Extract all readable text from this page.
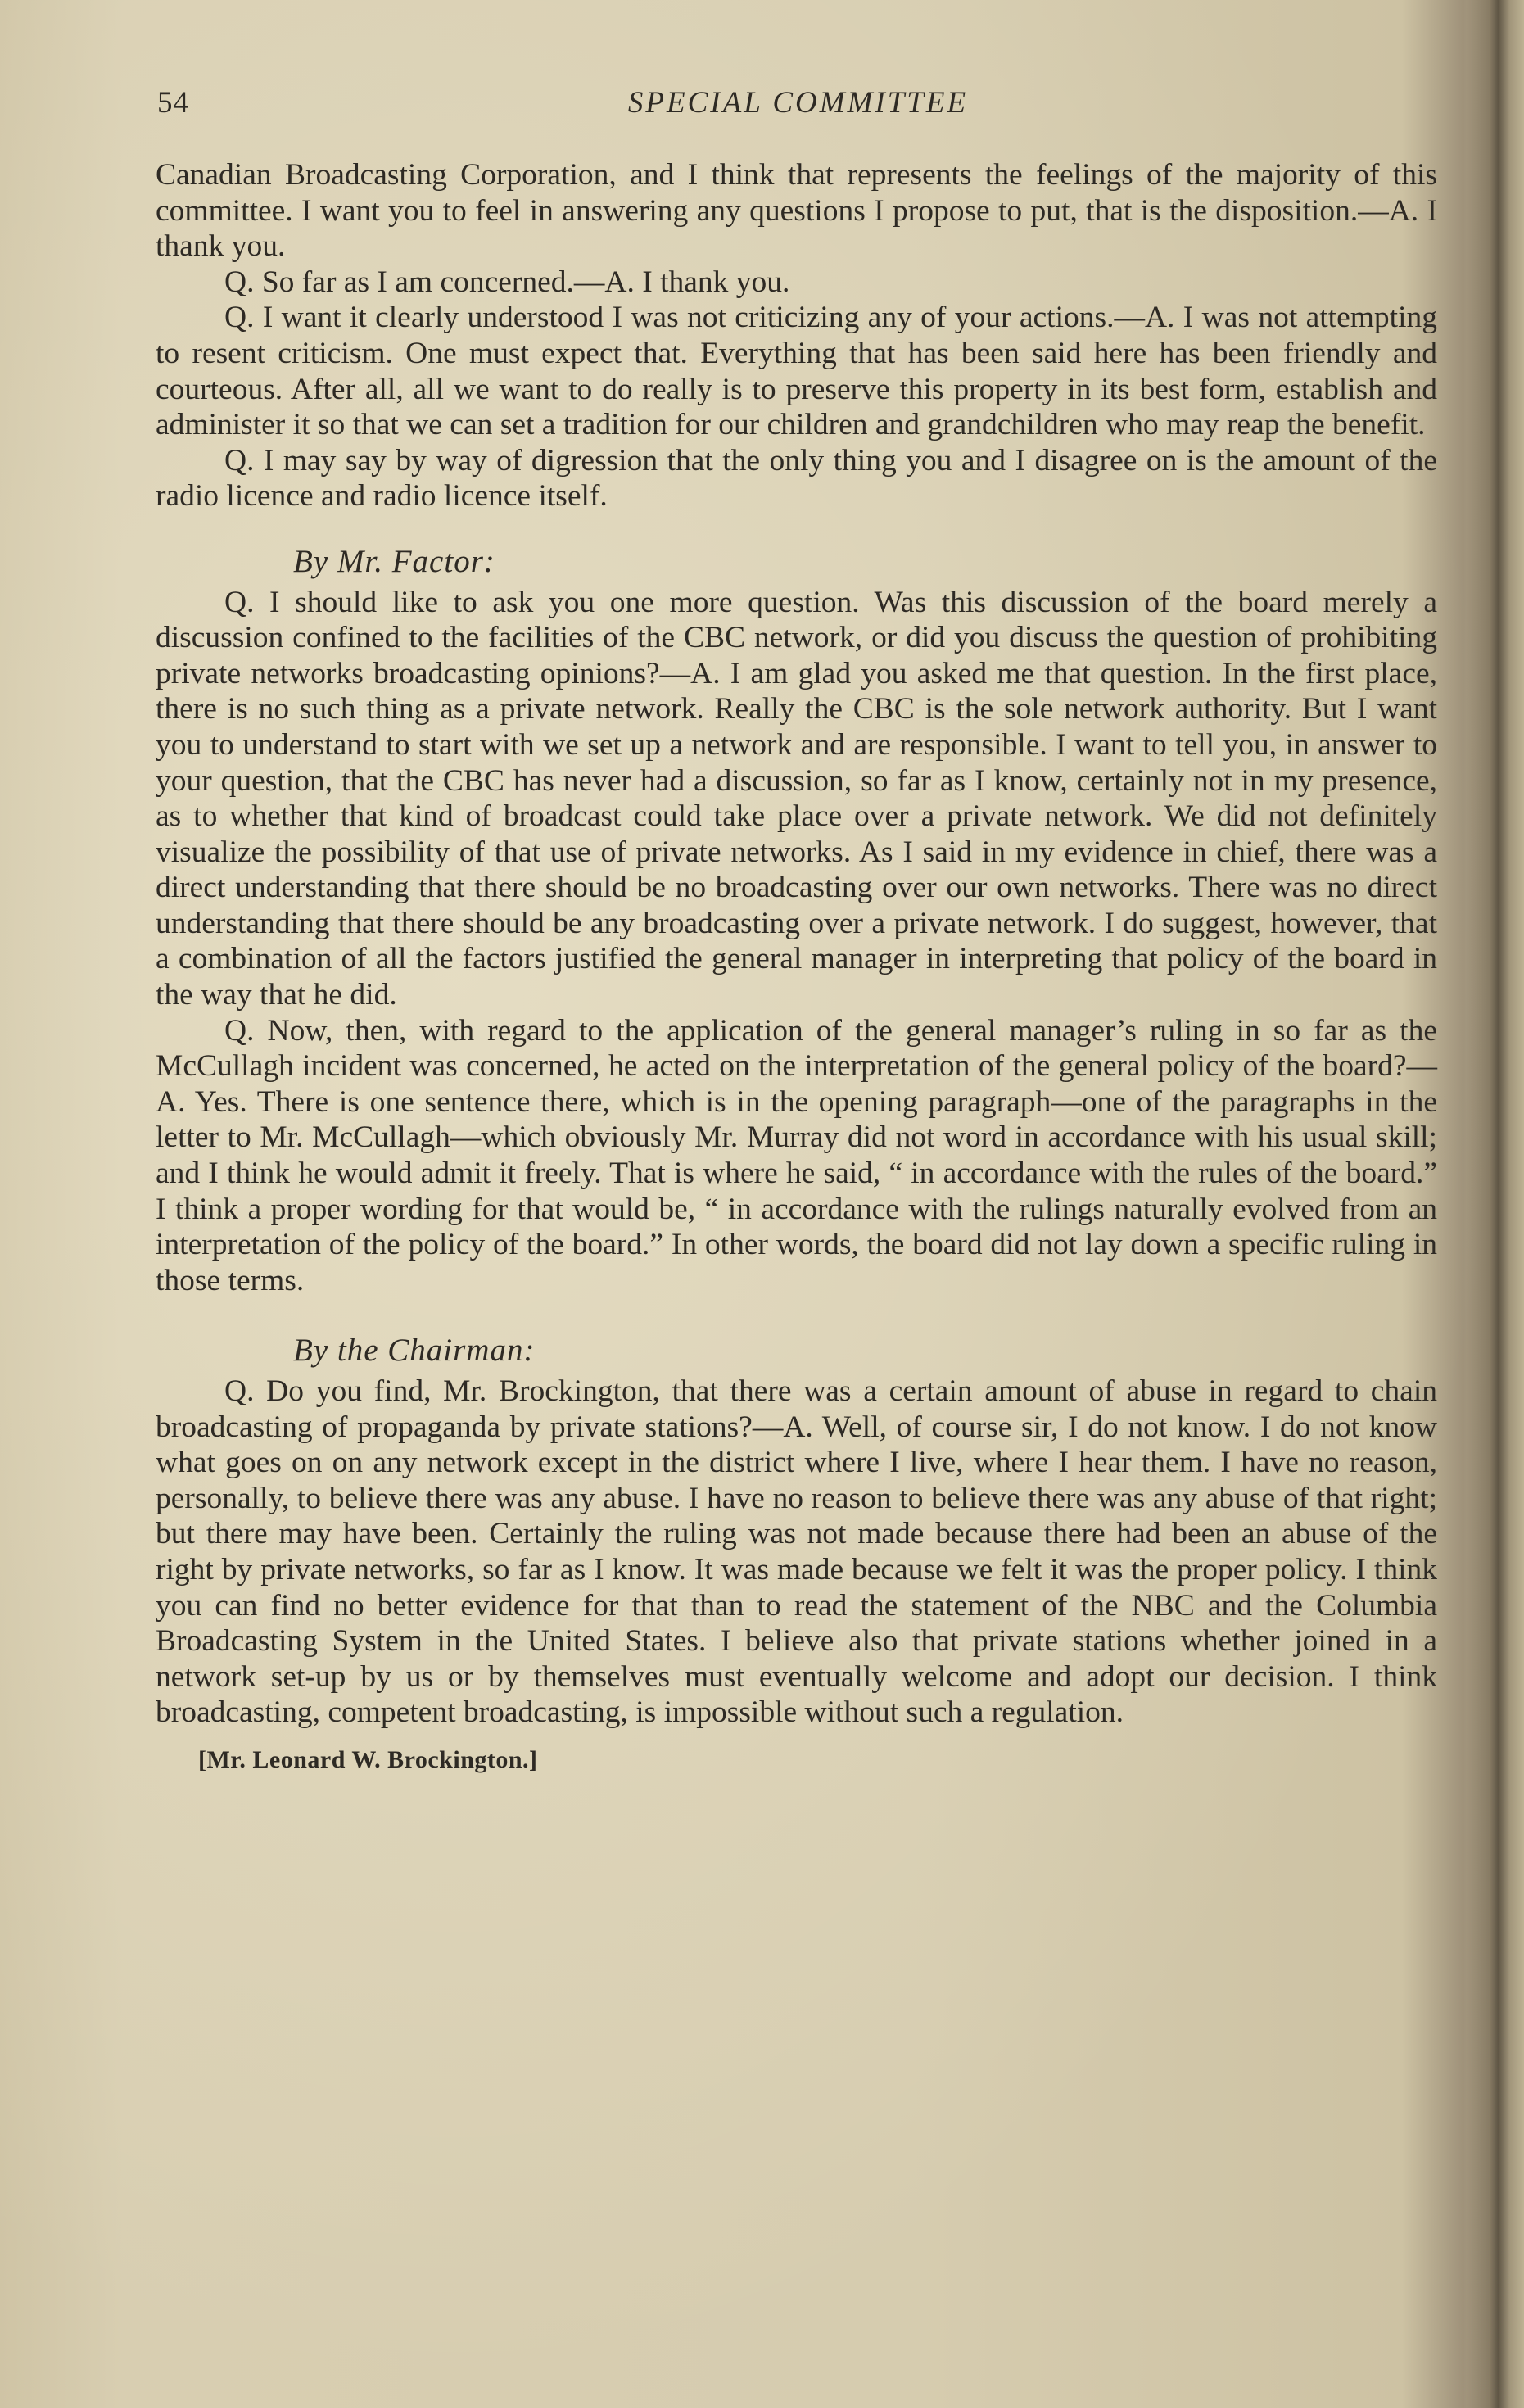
54	SPECIAL COMMITTEE

Canadian Broadcasting Corporation, and I think that represents the feelings of the majority of this committee. I want you to feel in answering any questions I propose to put, that is the disposition.—A. I thank you.

Q. So far as I am concerned.—A. I thank you.

Q. I want it clearly understood I was not criticizing any of your actions.—A. I was not attempting to resent criticism. One must expect that. Everything that has been said here has been friendly and courteous. After all, all we want to do really is to preserve this property in its best form, establish and administer it so that we can set a tradition for our children and grandchildren who may reap the benefit.

Q. I may say by way of digression that the only thing you and I disagree on is the amount of the radio licence and radio licence itself.

By Mr. Factor:

Q. I should like to ask you one more question. Was this discussion of the board merely a discussion confined to the facilities of the CBC network, or did you discuss the question of prohibiting private networks broadcasting opinions?—A. I am glad you asked me that question. In the first place, there is no such thing as a private network. Really the CBC is the sole network authority. But I want you to understand to start with we set up a network and are responsible. I want to tell you, in answer to your question, that the CBC has never had a discussion, so far as I know, certainly not in my presence, as to whether that kind of broadcast could take place over a private network. We did not definitely visualize the possibility of that use of private networks. As I said in my evidence in chief, there was a direct understanding that there should be no broadcasting over our own networks. There was no direct understanding that there should be any broadcasting over a private network. I do suggest, however, that a combination of all the factors justified the general manager in interpreting that policy of the board in the way that he did.

Q. Now, then, with regard to the application of the general manager’s ruling in so far as the McCullagh incident was concerned, he acted on the interpretation of the general policy of the board?—A. Yes. There is one sentence there, which is in the opening paragraph—one of the paragraphs in the letter to Mr. McCullagh—which obviously Mr. Murray did not word in accordance with his usual skill; and I think he would admit it freely. That is where he said, “ in accordance with the rules of the board.” I think a proper wording for that would be, “ in accordance with the rulings naturally evolved from an interpretation of the policy of the board.” In other words, the board did not lay down a specific ruling in those terms.

By the Chairman:

Q. Do you find, Mr. Brockington, that there was a certain amount of abuse in regard to chain broadcasting of propaganda by private stations?—A. Well, of course sir, I do not know. I do not know what goes on on any network except in the district where I live, where I hear them. I have no reason, personally, to believe there was any abuse. I have no reason to believe there was any abuse of that right; but there may have been. Certainly the ruling was not made because there had been an abuse of the right by private networks, so far as I know. It was made because we felt it was the proper policy. I think you can find no better evidence for that than to read the statement of the NBC and the Columbia Broadcasting System in the United States. I believe also that private stations whether joined in a network set-up by us or by themselves must eventually welcome and adopt our decision. I think broadcasting, competent broadcasting, is impossible without such a regulation.

[Mr. Leonard W. Brockington.]
